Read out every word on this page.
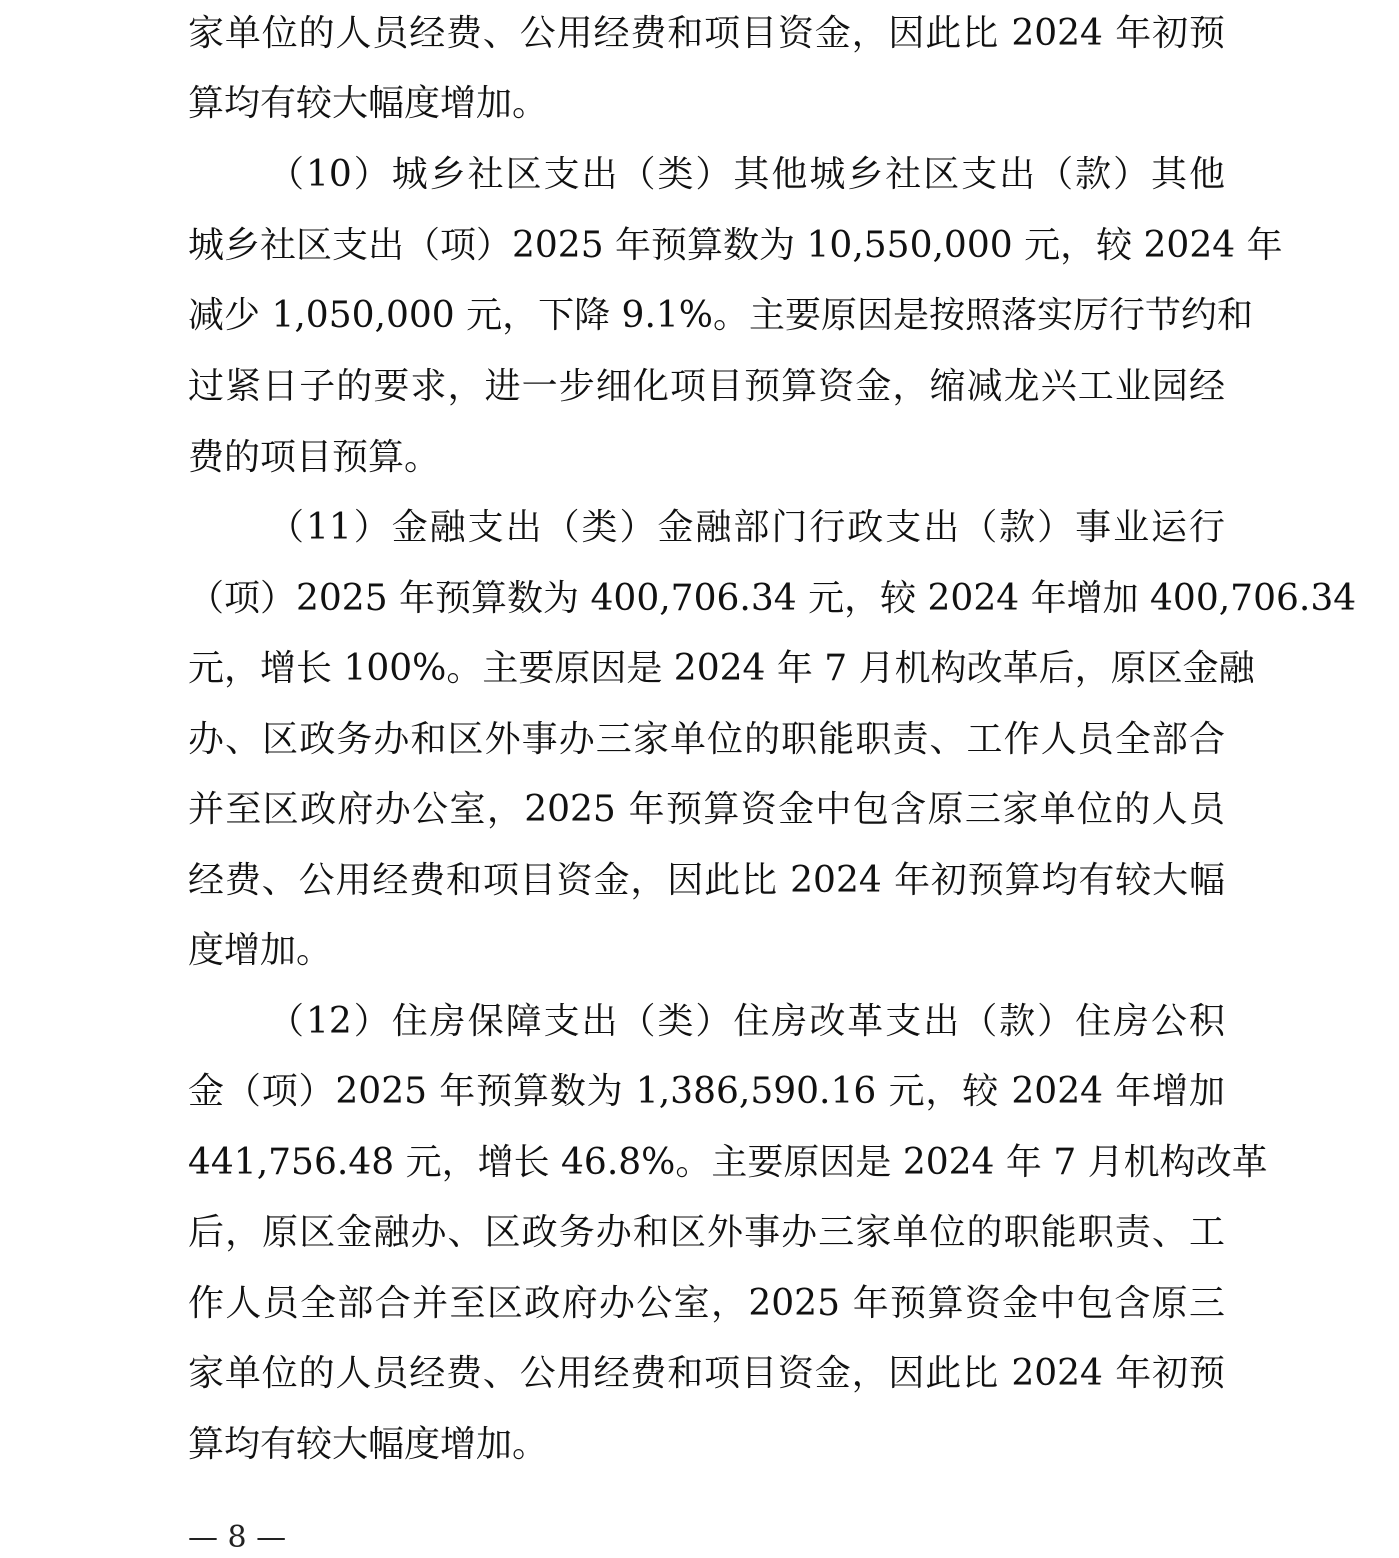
家单位的人员经费、公用经费和项目资金，因此比 2024 年初预
算均有较大幅度增加。
（10）城乡社区支出（类）其他城乡社区支出（款）其他
城乡社区支出（项）2025 年预算数为 10,550,000 元，较 2024 年
减少 1,050,000 元，下降 9.1%。主要原因是按照落实厉行节约和
过紧日子的要求，进一步细化项目预算资金，缩减龙兴工业园经
费的项目预算。
（11）金融支出（类）金融部门行政支出（款）事业运行
（项）2025 年预算数为 400,706.34 元，较 2024 年增加 400,706.34
元，增长 100%。主要原因是 2024 年 7 月机构改革后，原区金融
办、区政务办和区外事办三家单位的职能职责、工作人员全部合
并至区政府办公室，2025 年预算资金中包含原三家单位的人员
经费、公用经费和项目资金，因此比 2024 年初预算均有较大幅
度增加。
（12）住房保障支出（类）住房改革支出（款）住房公积
金（项）2025 年预算数为 1,386,590.16 元，较 2024 年增加
441,756.48 元，增长 46.8%。主要原因是 2024 年 7 月机构改革
后，原区金融办、区政务办和区外事办三家单位的职能职责、工
作人员全部合并至区政府办公室，2025 年预算资金中包含原三
家单位的人员经费、公用经费和项目资金，因此比 2024 年初预
算均有较大幅度增加。
— 8 —
